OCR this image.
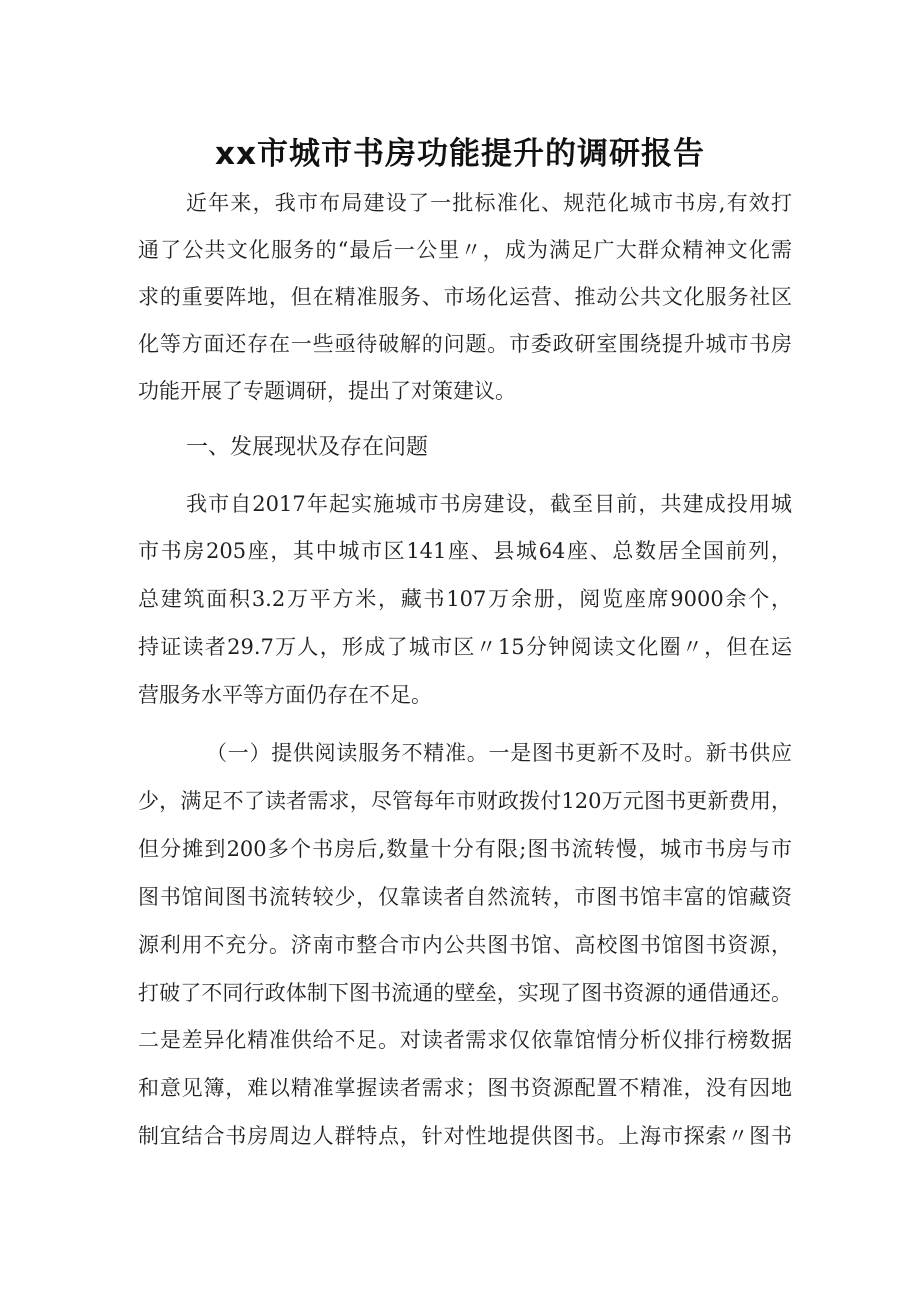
xx市城市书房功能提升的调研报告

近年来，我市布局建设了一批标准化、规范化城市书房,有效打

通了公共文化服务的“最后一公里〃，成为满足广大群众精神文化需

求的重要阵地，但在精准服务、市场化运营、推动公共文化服务社区

化等方面还存在一些亟待破解的问题。市委政研室围绕提升城市书房

功能开展了专题调研，提出了对策建议。

一、发展现状及存在问题

我市自2017年起实施城市书房建设，截至目前，共建成投用城

市书房205座，其中城市区141座、县城64座、总数居全国前列，

总建筑面积3.2万平方米，藏书107万余册，阅览座席9000余个，

持证读者29.7万人，形成了城市区〃15分钟阅读文化圈〃，但在运

营服务水平等方面仍存在不足。

（一）提供阅读服务不精准。一是图书更新不及时。新书供应

少，满足不了读者需求，尽管每年市财政拨付120万元图书更新费用，

但分摊到200多个书房后,数量十分有限;图书流转慢，城市书房与市

图书馆间图书流转较少，仅靠读者自然流转，市图书馆丰富的馆藏资

源利用不充分。济南市整合市内公共图书馆、高校图书馆图书资源，

打破了不同行政体制下图书流通的壁垒，实现了图书资源的通借通还。

二是差异化精准供给不足。对读者需求仅依靠馆情分析仪排行榜数据

和意见簿，难以精准掌握读者需求；图书资源配置不精准，没有因地

制宜结合书房周边人群特点，针对性地提供图书。上海市探索〃图书
